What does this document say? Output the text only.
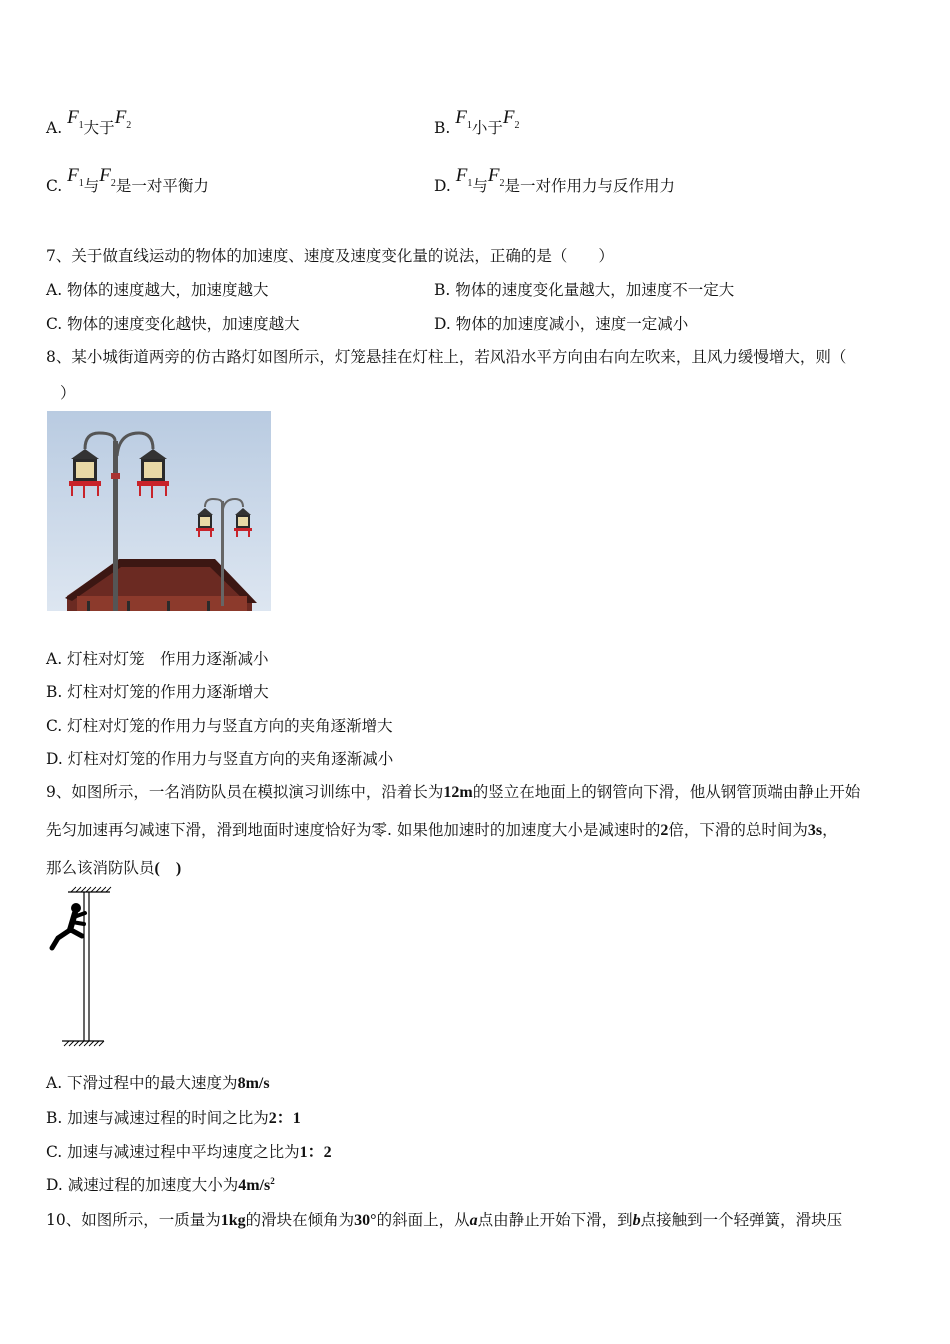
A. $F_1$大于$F_2$	B. $F_1$小于$F_2$
C. $F_1$与$F_2$是一对平衡力	D. $F_1$与$F_2$是一对作用力与反作用力
7、关于做直线运动的物体的加速度、速度及速度变化量的说法，正确的是（　　）
A. 物体的速度越大，加速度越大	B. 物体的速度变化量越大，加速度不一定大
C. 物体的速度变化越快，加速度越大	D. 物体的加速度减小，速度一定减小
8、某小城街道两旁的仿古路灯如图所示，灯笼悬挂在灯柱上，若风沿水平方向由右向左吹来，且风力缓慢增大，则（
）
A. 灯柱对灯笼　作用力逐渐减小
B. 灯柱对灯笼的作用力逐渐增大
C. 灯柱对灯笼的作用力与竖直方向的夹角逐渐增大
D. 灯柱对灯笼的作用力与竖直方向的夹角逐渐减小
9、如图所示，一名消防队员在模拟演习训练中，沿着长为12m的竖立在地面上的钢管向下滑，他从钢管顶端由静止开始
先匀加速再匀减速下滑，滑到地面时速度恰好为零. 如果他加速时的加速度大小是减速时的2倍，下滑的总时间为3s，
那么该消防队员(　)
A. 下滑过程中的最大速度为8m/s
B. 加速与减速过程的时间之比为2：1
C. 加速与减速过程中平均速度之比为1：2
D. 减速过程的加速度大小为$4m/s^2$
10、如图所示，一质量为1kg的滑块在倾角为30°的斜面上，从a点由静止开始下滑，到b点接触到一个轻弹簧，滑块压
